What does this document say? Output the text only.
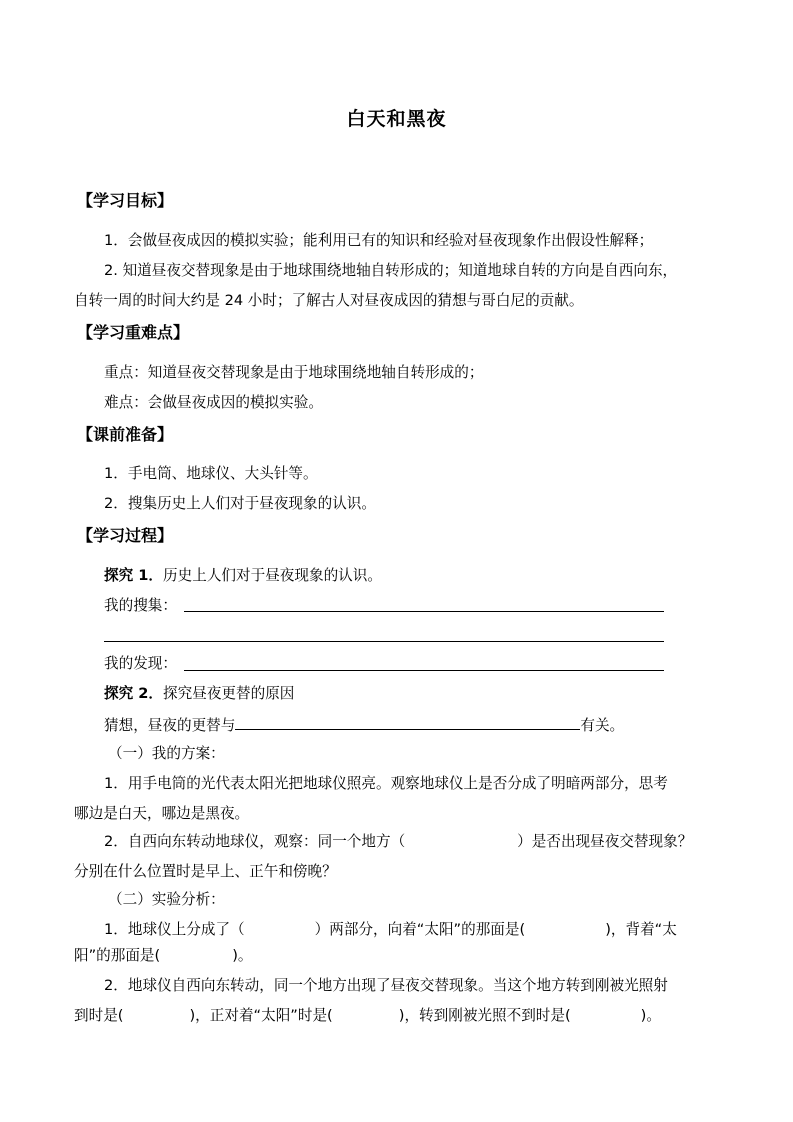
白天和黑夜
【学习目标】
1．会做昼夜成因的模拟实验；能利用已有的知识和经验对昼夜现象作出假设性解释；
2. 知道昼夜交替现象是由于地球围绕地轴自转形成的；知道地球自转的方向是自西向东，
自转一周的时间大约是 24 小时；了解古人对昼夜成因的猜想与哥白尼的贡献。
【学习重难点】
重点：知道昼夜交替现象是由于地球围绕地轴自转形成的；
难点：会做昼夜成因的模拟实验。
【课前准备】
1．手电筒、地球仪、大头针等。
2．搜集历史上人们对于昼夜现象的认识。
【学习过程】
探究 1．历史上人们对于昼夜现象的认识。
我的搜集：
我的发现：
探究 2．探究昼夜更替的原因
猜想，昼夜的更替与	有关。
（一）我的方案：
1．用手电筒的光代表太阳光把地球仪照亮。观察地球仪上是否分成了明暗两部分，思考
哪边是白天，哪边是黑夜。
2．自西向东转动地球仪，观察：同一个地方（	）是否出现昼夜交替现象？
分别在什么位置时是早上、正午和傍晚？
（二）实验分析：
1．地球仪上分成了（	）两部分，向着“太阳”的那面是(	)，背着“太
阳”的那面是(	)。
2．地球仪自西向东转动，同一个地方出现了昼夜交替现象。当这个地方转到刚被光照射
到时是(	)，正对着“太阳”时是(	)，转到刚被光照不到时是(	)。
